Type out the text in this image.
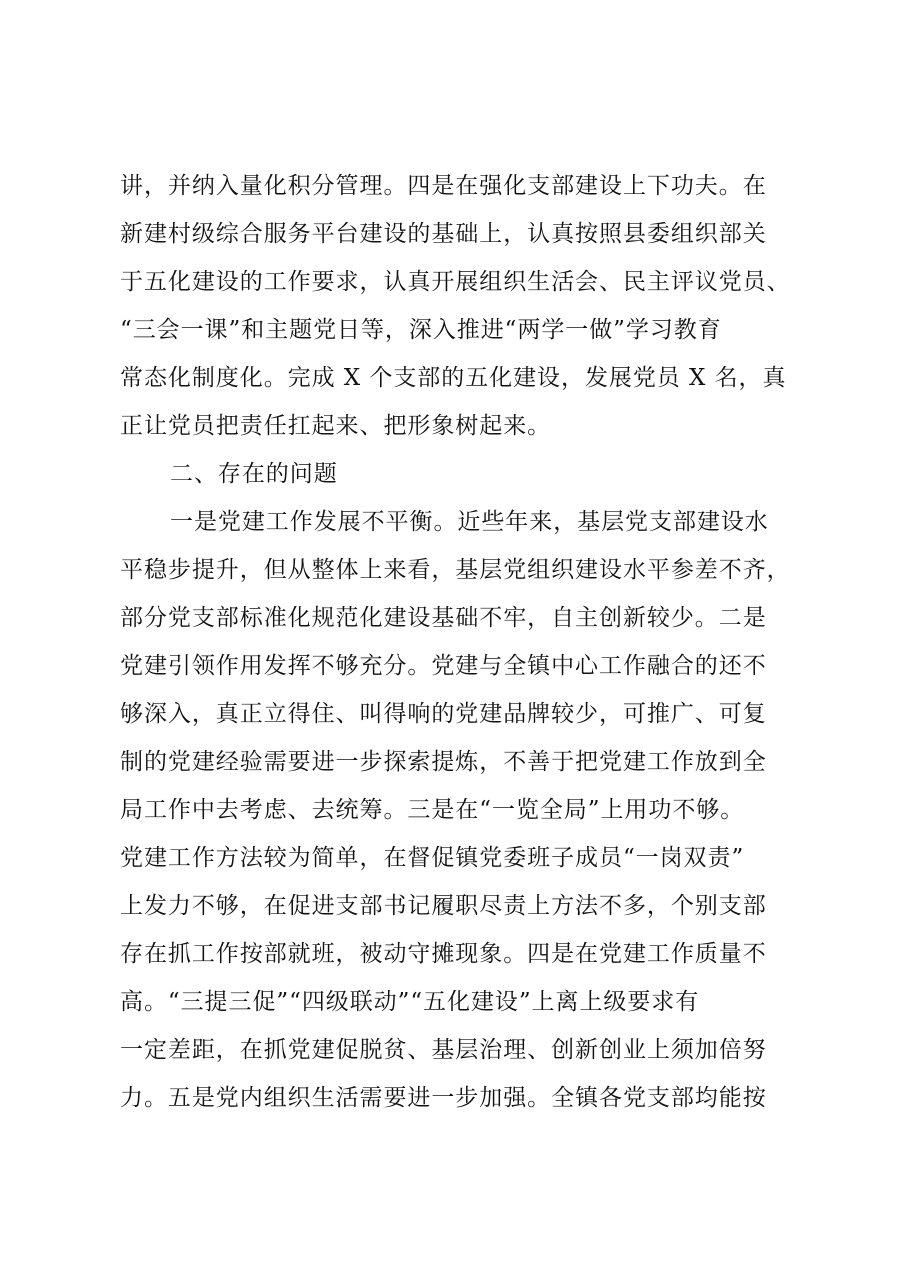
讲，并纳入量化积分管理。四是在强化支部建设上下功夫。在
新建村级综合服务平台建设的基础上，认真按照县委组织部关
于五化建设的工作要求，认真开展组织生活会、民主评议党员、
“三会一课”和主题党日等，深入推进“两学一做”学习教育
常态化制度化。完成 X 个支部的五化建设，发展党员 X 名，真
正让党员把责任扛起来、把形象树起来。
二、存在的问题
一是党建工作发展不平衡。近些年来，基层党支部建设水
平稳步提升，但从整体上来看，基层党组织建设水平参差不齐，
部分党支部标准化规范化建设基础不牢，自主创新较少。二是
党建引领作用发挥不够充分。党建与全镇中心工作融合的还不
够深入，真正立得住、叫得响的党建品牌较少，可推广、可复
制的党建经验需要进一步探索提炼，不善于把党建工作放到全
局工作中去考虑、去统筹。三是在“一览全局”上用功不够。
党建工作方法较为简单，在督促镇党委班子成员“一岗双责”
上发力不够，在促进支部书记履职尽责上方法不多，个别支部
存在抓工作按部就班，被动守摊现象。四是在党建工作质量不
高。“三提三促”“四级联动”“五化建设”上离上级要求有
一定差距，在抓党建促脱贫、基层治理、创新创业上须加倍努
力。五是党内组织生活需要进一步加强。全镇各党支部均能按
